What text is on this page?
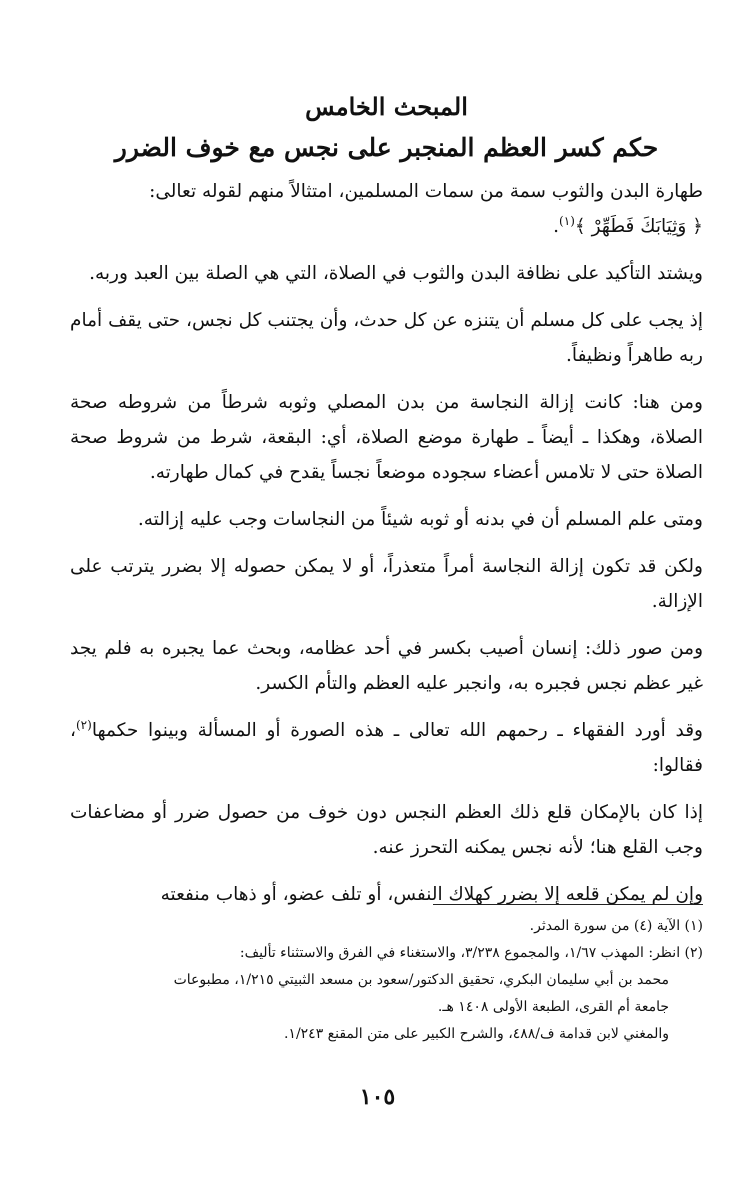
المبحث الخامس
حكم كسر العظم المنجبر على نجس مع خوف الضرر

طهارة البدن والثوب سمة من سمات المسلمين، امتثالاً منهم لقوله تعالى:
﴿ وَثِيَابَكَ فَطَهِّرْ ﴾$^{(١)}$.

ويشتد التأكيد على نظافة البدن والثوب في الصلاة، التي هي الصلة بين العبد وربه.

إذ يجب على كل مسلم أن يتنزه عن كل حدث، وأن يجتنب كل نجس، حتى يقف أمام ربه طاهراً ونظيفاً.

ومن هنا: كانت إزالة النجاسة من بدن المصلي وثوبه شرطاً من شروطه صحة الصلاة، وهكذا ـ أيضاً ـ طهارة موضع الصلاة، أي: البقعة، شرط من شروط صحة الصلاة حتى لا تلامس أعضاء سجوده موضعاً نجساً يقدح في كمال طهارته.

ومتى علم المسلم أن في بدنه أو ثوبه شيئاً من النجاسات وجب عليه إزالته.

ولكن قد تكون إزالة النجاسة أمراً متعذراً، أو لا يمكن حصوله إلا بضرر يترتب على الإزالة.

ومن صور ذلك: إنسان أصيب بكسر في أحد عظامه، وبحث عما يجبره به فلم يجد غير عظم نجس فجبره به، وانجبر عليه العظم والتأم الكسر.

وقد أورد الفقهاء ـ رحمهم الله تعالى ـ هذه الصورة أو المسألة وبينوا حكمها$^{(٢)}$، فقالوا:

إذا كان بالإمكان قلع ذلك العظم النجس دون خوف من حصول ضرر أو مضاعفات وجب القلع هنا؛ لأنه نجس يمكنه التحرز عنه.

وإن لم يمكن قلعه إلا بضرر كهلاك النفس، أو تلف عضو، أو ذهاب منفعته

(١) الآية (٤) من سورة المدثر.

(٢) انظر: المهذب ١/٦٧، والمجموع ٣/٢٣٨، والاستغناء في الفرق والاستثناء تأليف:

محمد بن أبي سليمان البكري، تحقيق الدكتور/سعود بن مسعد الثبيتي ١/٢١٥، مطبوعات

جامعة أم القرى، الطبعة الأولى ١٤٠٨ هـ.

والمغني لابن قدامة ف/٤٨٨، والشرح الكبير على متن المقنع ١/٢٤٣.

١٠٥
